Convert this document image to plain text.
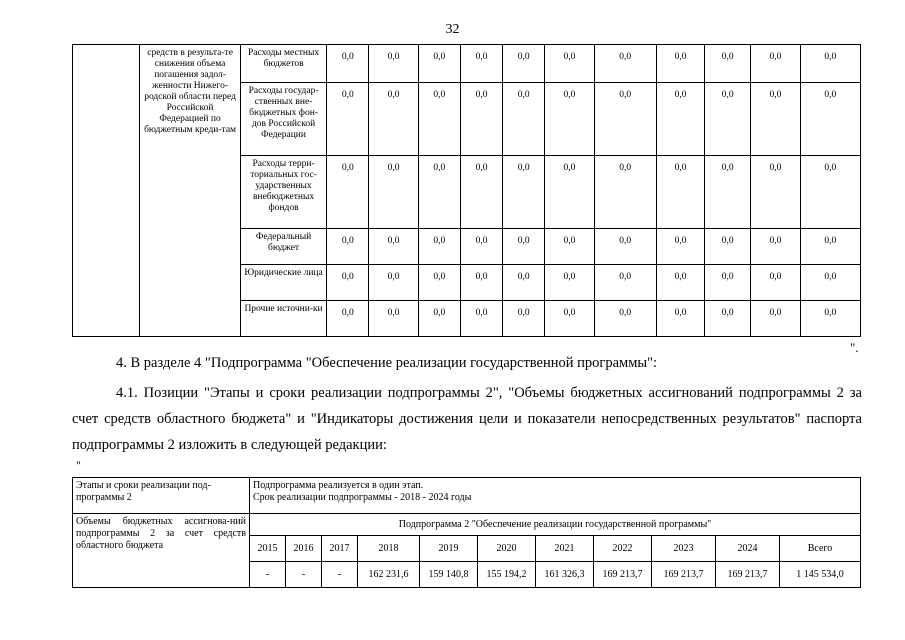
32
	средств в результа-те снижения объема погашения задол-женности Нижего-родской области перед Российской Федерацией по бюджетным креди-там	Расходы местных бюджетов	0,0	0,0	0,0	0,0	0,0	0,0	0,0	0,0	0,0	0,0	0,0
		Расходы государ-ственных вне-бюджетных фон-дов Российской Федерации	0,0	0,0	0,0	0,0	0,0	0,0	0,0	0,0	0,0	0,0	0,0
		Расходы терри-ториальных гос-ударственных внебюджетных фондов	0,0	0,0	0,0	0,0	0,0	0,0	0,0	0,0	0,0	0,0	0,0
		Федеральный бюджет	0,0	0,0	0,0	0,0	0,0	0,0	0,0	0,0	0,0	0,0	0,0
		Юридические лица	0,0	0,0	0,0	0,0	0,0	0,0	0,0	0,0	0,0	0,0	0,0
		Прочие источни-ки	0,0	0,0	0,0	0,0	0,0	0,0	0,0	0,0	0,0	0,0	0,0
".
4. В разделе 4 "Подпрограмма "Обеспечение реализации государственной программы":
4.1. Позиции "Этапы и сроки реализации подпрограммы 2", "Объемы бюджетных ассигнований подпрограммы 2 за счет средств областного бюджета" и "Индикаторы достижения цели и показатели непосредственных результатов" паспорта подпрограммы 2 изложить в следующей редакции:
"
Этапы и сроки реализации под-программы 2	Подпрограмма реализуется в один этап.
Срок реализации подпрограммы - 2018 - 2024 годы										

Объемы бюджетных ассигнова-ний подпрограммы 2 за счет средств областного бюджета	Подпрограмма 2 "Обеспечение реализации государственной программы"										
	2015	2016	2017	2018	2019	2020	2021	2022	2023	2024	Всего
	-	-	-	162 231,6	159 140,8	155 194,2	161 326,3	169 213,7	169 213,7	169 213,7	1 145 534,0
